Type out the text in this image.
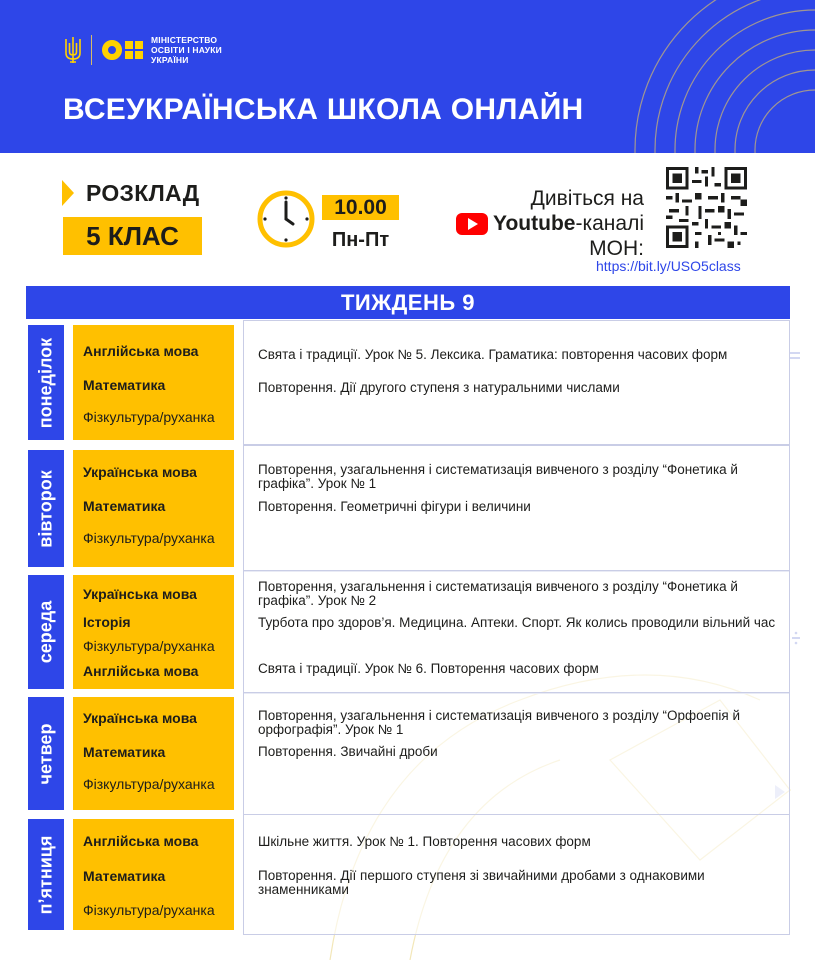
МІНІСТЕРСТВО
ОСВІТИ І НАУКИ
УКРАЇНИ
ВСЕУКРАЇНСЬКА ШКОЛА ОНЛАЙН
РОЗКЛАД
5 КЛАС
10.00
Пн-Пт
Дивіться на
Youtube -каналі
МОН:
https://bit.ly/USO5class
ТИЖДЕНЬ 9
понеділок Англійська мова
Математика
Фізкультура/руханка
Свята і традиції. Урок № 5. Лексика. Граматика: повторення часових форм
Повторення. Дії другого ступеня з натуральними числами
вівторок Українська мова
Математика
Фізкультура/руханка
Повторення, узагальнення і систематизація вивченого з розділу “Фонетика й графіка”. Урок № 1
Повторення. Геометричні фігури і величини
середа
Українська мова
Історія
Фізкультура/руханка
Англійська мова
Повторення, узагальнення і систематизація вивченого з розділу “Фонетика й графіка”. Урок № 2
Турбота про здоров’я. Медицина. Аптеки. Спорт. Як колись проводили вільний час
Свята і традиції. Урок № 6. Повторення часових форм
четвер
Українська мова
Математика
Фізкультура/руханка
Повторення, узагальнення і систематизація вивченого з розділу “Орфоепія й орфографія”. Урок № 1
Повторення. Звичайні дроби
п’ятниця Англійська мова
Математика
Фізкультура/руханка
Шкільне життя. Урок № 1. Повторення часових форм
Повторення. Дії першого ступеня зі звичайними дробами з однаковими знаменниками
